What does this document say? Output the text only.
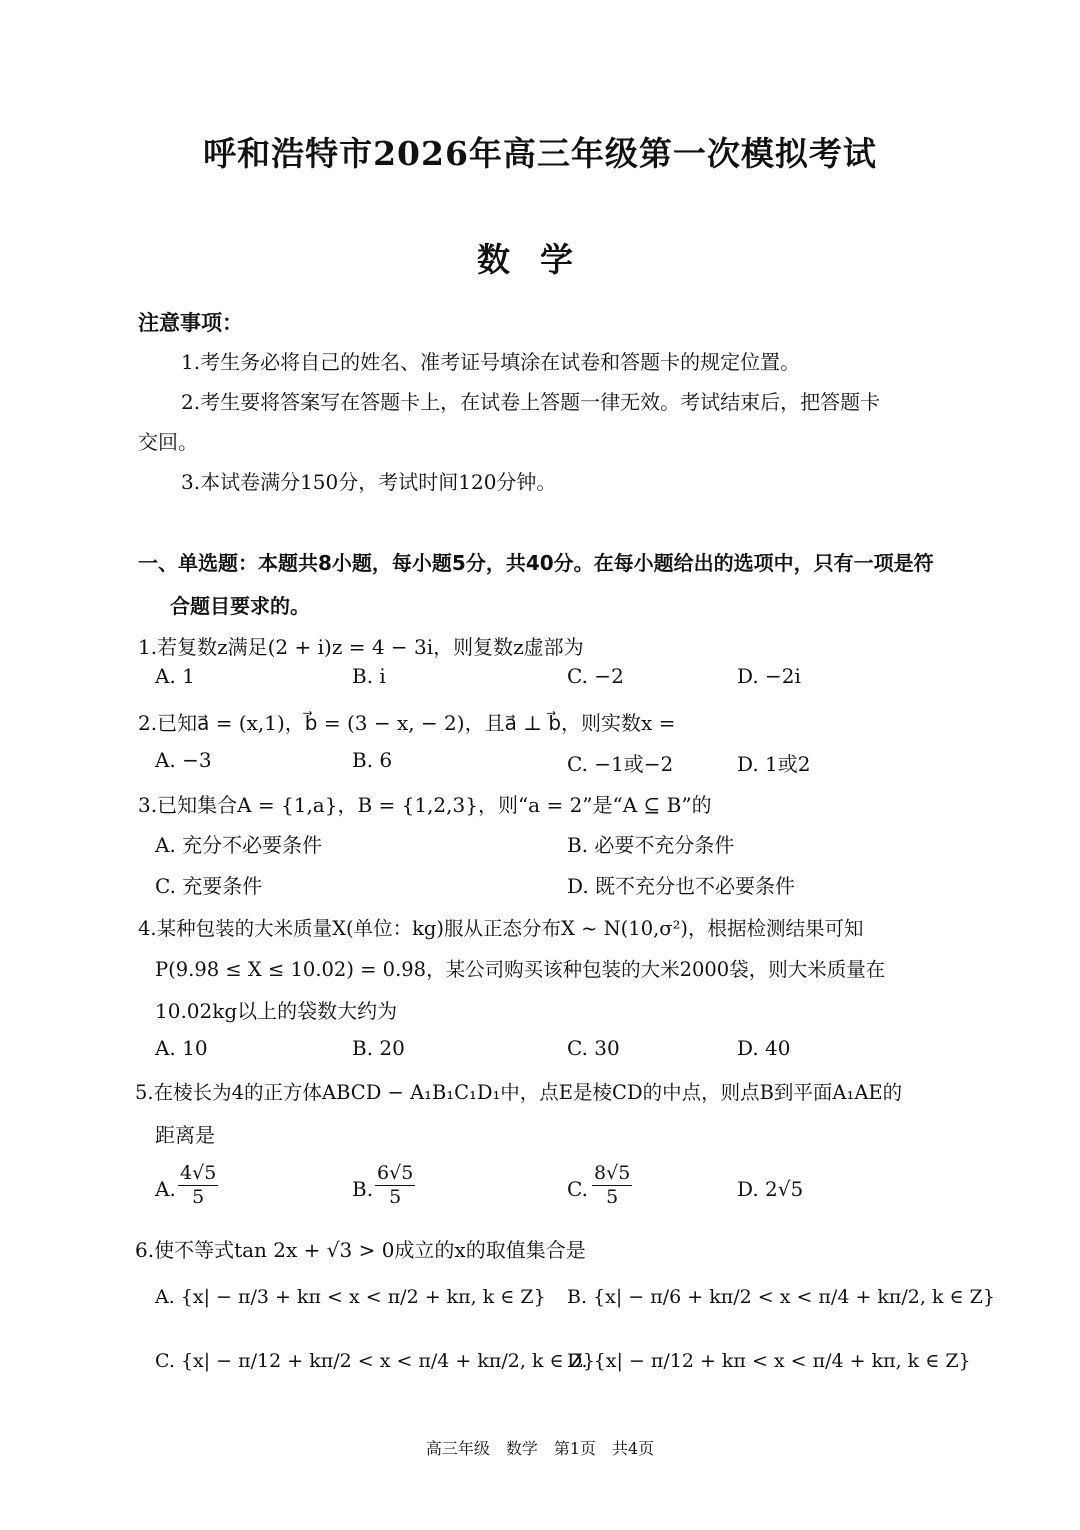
呼和浩特市2026年高三年级第一次模拟考试
数学
注意事项：
1.考生务必将自己的姓名、准考证号填涂在试卷和答题卡的规定位置。
2.考生要将答案写在答题卡上，在试卷上答题一律无效。考试结束后，把答题卡
交回。
3.本试卷满分150分，考试时间120分钟。
一、单选题：本题共8小题，每小题5分，共40分。在每小题给出的选项中，只有一项是符
合题目要求的。
1.若复数z满足(2 + i)z = 4 − 3i，则复数z虚部为
A. 1	B. i	C. −2	D. −2i
2.已知a⃗ = (x,1)，b⃗ = (3 − x, − 2)，且a⃗ ⊥ b⃗，则实数x =
A. −3	B. 6	C. −1或−2	D. 1或2
3.已知集合A = {1,a}，B = {1,2,3}，则“a = 2”是“A ⊆ B”的
A. 充分不必要条件	B. 必要不充分条件
C. 充要条件	D. 既不充分也不必要条件
4.某种包装的大米质量X(单位：kg)服从正态分布X ~ N(10,σ²)，根据检测结果可知
P(9.98 ≤ X ≤ 10.02) = 0.98，某公司购买该种包装的大米2000袋，则大米质量在
10.02kg以上的袋数大约为
A. 10	B. 20	C. 30	D. 40
5.在棱长为4的正方体ABCD − A₁B₁C₁D₁中，点E是棱CD的中点，则点B到平面A₁AE的
距离是
A. $\frac{4√5}{5}$	B. $\frac{6√5}{5}$	C. $\frac{8√5}{5}$	D. 2√5
6.使不等式tan 2x + √3 > 0成立的x的取值集合是
A. {x| − π/3 + kπ < x < π/2 + kπ, k ∈ Z} B. {x| − π/6 + kπ/2 < x < π/4 + kπ/2, k ∈ Z}
C. {x| − π/12 + kπ/2 < x < π/4 + kπ/2, k ∈ Z}
D. {x| − π/12 + kπ < x < π/4 + kπ, k ∈ Z}
高三年级　数学　第1页　共4页
